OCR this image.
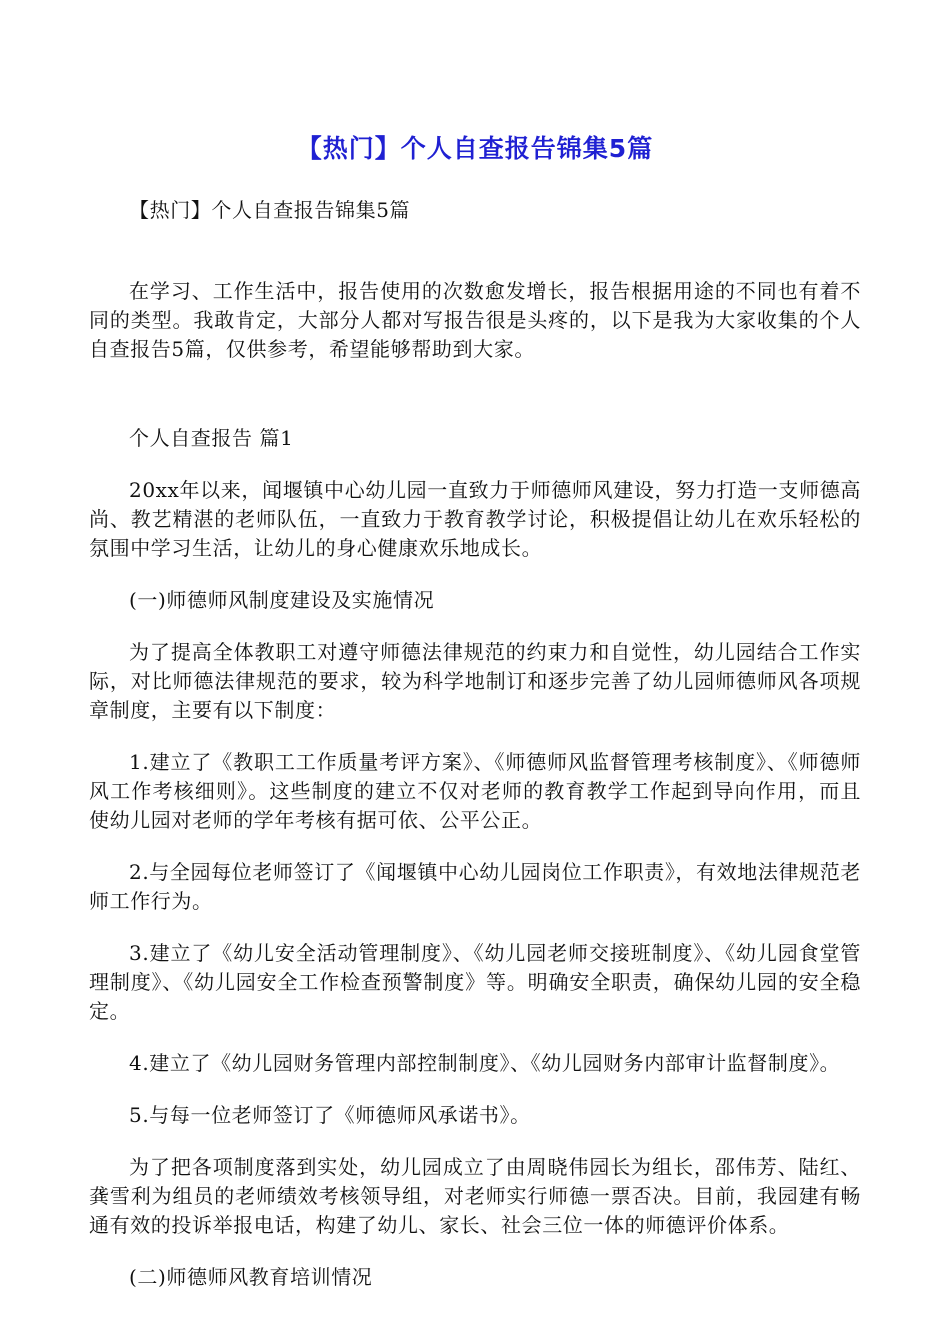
【热门】个人自查报告锦集5篇

【热门】个人自查报告锦集5篇

在学习、工作生活中，报告使用的次数愈发增长，报告根据用途的不同也有着不同的类型。我敢肯定，大部分人都对写报告很是头疼的，以下是我为大家收集的个人自查报告5篇，仅供参考，希望能够帮助到大家。

个人自查报告 篇1

20xx年以来，闻堰镇中心幼儿园一直致力于师德师风建设，努力打造一支师德高尚、教艺精湛的老师队伍，一直致力于教育教学讨论，积极提倡让幼儿在欢乐轻松的氛围中学习生活，让幼儿的身心健康欢乐地成长。

(一)师德师风制度建设及实施情况

为了提高全体教职工对遵守师德法律规范的约束力和自觉性，幼儿园结合工作实际，对比师德法律规范的要求，较为科学地制订和逐步完善了幼儿园师德师风各项规章制度，主要有以下制度：

1.建立了《教职工工作质量考评方案》、《师德师风监督管理考核制度》、《师德师风工作考核细则》。这些制度的建立不仅对老师的教育教学工作起到导向作用，而且使幼儿园对老师的学年考核有据可依、公平公正。

2.与全园每位老师签订了《闻堰镇中心幼儿园岗位工作职责》，有效地法律规范老师工作行为。

3.建立了《幼儿安全活动管理制度》、《幼儿园老师交接班制度》、《幼儿园食堂管理制度》、《幼儿园安全工作检查预警制度》等。明确安全职责，确保幼儿园的安全稳定。

4.建立了《幼儿园财务管理内部控制制度》、《幼儿园财务内部审计监督制度》。

5.与每一位老师签订了《师德师风承诺书》。

为了把各项制度落到实处，幼儿园成立了由周晓伟园长为组长，邵伟芳、陆红、龚雪利为组员的老师绩效考核领导组，对老师实行师德一票否决。目前，我园建有畅通有效的投诉举报电话，构建了幼儿、家长、社会三位一体的师德评价体系。

(二)师德师风教育培训情况
